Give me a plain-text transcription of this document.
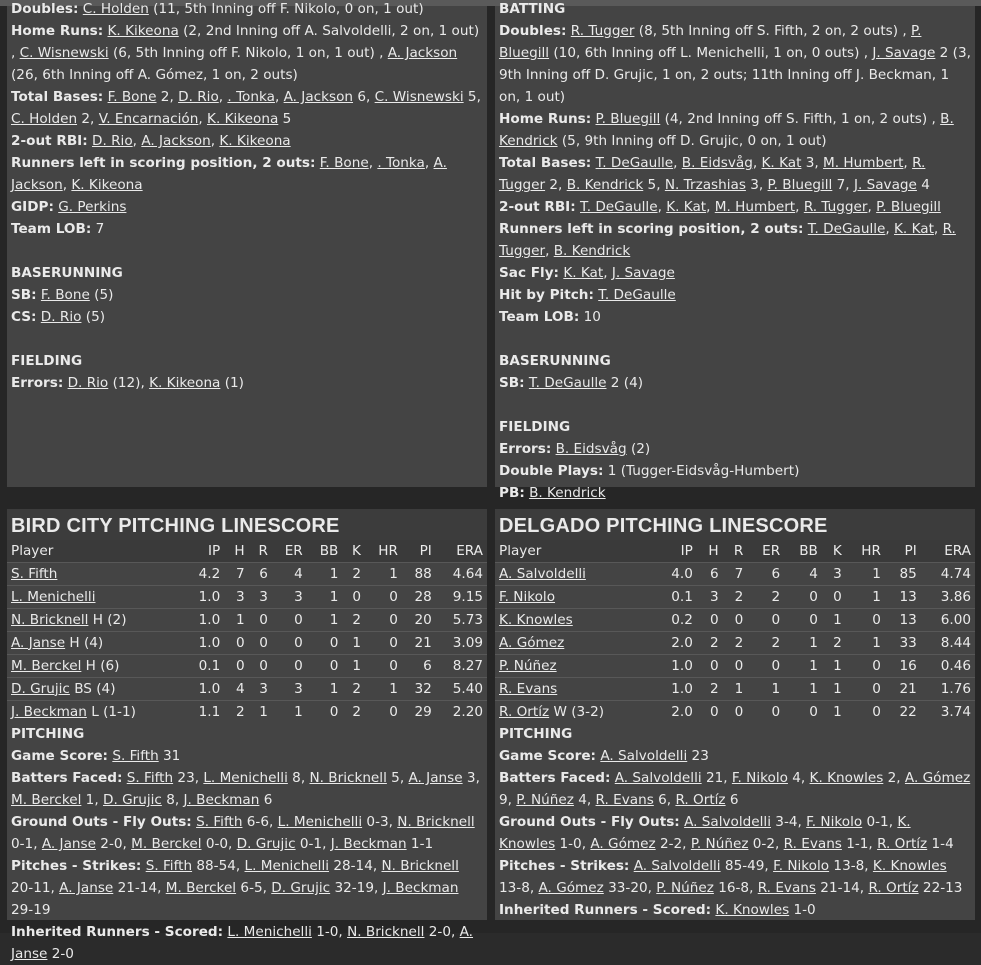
Doubles: C. Holden (11, 5th Inning off F. Nikolo, 0 on, 1 out)
Home Runs: K. Kikeona (2, 2nd Inning off A. Salvoldelli, 2 on, 1 out) , C. Wisnewski (6, 5th Inning off F. Nikolo, 1 on, 1 out) , A. Jackson (26, 6th Inning off A. Gómez, 1 on, 2 outs)
Total Bases: F. Bone 2, D. Rio, . Tonka, A. Jackson 6, C. Wisnewski 5, C. Holden 2, V. Encarnación, K. Kikeona 5
2-out RBI: D. Rio, A. Jackson, K. Kikeona
Runners left in scoring position, 2 outs: F. Bone, . Tonka, A. Jackson, K. Kikeona
GIDP: G. Perkins
Team LOB: 7
BASERUNNING
SB: F. Bone (5)
CS: D. Rio (5)
FIELDING
Errors: D. Rio (12), K. Kikeona (1)
BATTING
Doubles: R. Tugger (8, 5th Inning off S. Fifth, 2 on, 2 outs) , P. Bluegill (10, 6th Inning off L. Menichelli, 1 on, 0 outs) , J. Savage 2 (3, 9th Inning off D. Grujic, 1 on, 2 outs; 11th Inning off J. Beckman, 1 on, 1 out)
Home Runs: P. Bluegill (4, 2nd Inning off S. Fifth, 1 on, 2 outs) , B. Kendrick (5, 9th Inning off D. Grujic, 0 on, 1 out)
Total Bases: T. DeGaulle, B. Eidsvåg, K. Kat 3, M. Humbert, R. Tugger 2, B. Kendrick 5, N. Trzashias 3, P. Bluegill 7, J. Savage 4
2-out RBI: T. DeGaulle, K. Kat, M. Humbert, R. Tugger, P. Bluegill
Runners left in scoring position, 2 outs: T. DeGaulle, K. Kat, R. Tugger, B. Kendrick
Sac Fly: K. Kat, J. Savage
Hit by Pitch: T. DeGaulle
Team LOB: 10
BASERUNNING
SB: T. DeGaulle 2 (4)
FIELDING
Errors: B. Eidsvåg (2)
Double Plays: 1 (Tugger-Eidsvåg-Humbert)
PB: B. Kendrick
BIRD CITY PITCHING LINESCORE
Player	IP	H	R	ER	BB	K	HR	PI	ERA
S. Fifth	4.2	7	6	4	1	2	1	88	4.64
L. Menichelli	1.0	3	3	3	1	0	0	28	9.15
N. Bricknell H (2)	1.0	1	0	0	1	2	0	20	5.73
A. Janse H (4)	1.0	0	0	0	0	1	0	21	3.09
M. Berckel H (6)	0.1	0	0	0	0	1	0	6	8.27
D. Grujic BS (4)	1.0	4	3	3	1	2	1	32	5.40
J. Beckman L (1-1)	1.1	2	1	1	0	2	0	29	2.20
PITCHING
Game Score: S. Fifth 31
Batters Faced: S. Fifth 23, L. Menichelli 8, N. Bricknell 5, A. Janse 3, M. Berckel 1, D. Grujic 8, J. Beckman 6
Ground Outs - Fly Outs: S. Fifth 6-6, L. Menichelli 0-3, N. Bricknell 0-1, A. Janse 2-0, M. Berckel 0-0, D. Grujic 0-1, J. Beckman 1-1
Pitches - Strikes: S. Fifth 88-54, L. Menichelli 28-14, N. Bricknell 20-11, A. Janse 21-14, M. Berckel 6-5, D. Grujic 32-19, J. Beckman 29-19
Inherited Runners - Scored: L. Menichelli 1-0, N. Bricknell 2-0, A. Janse 2-0
DELGADO PITCHING LINESCORE
Player	IP	H	R	ER	BB	K	HR	PI	ERA
A. Salvoldelli	4.0	6	7	6	4	3	1	85	4.74
F. Nikolo	0.1	3	2	2	0	0	1	13	3.86
K. Knowles	0.2	0	0	0	0	1	0	13	6.00
A. Gómez	2.0	2	2	2	1	2	1	33	8.44
P. Núñez	1.0	0	0	0	1	1	0	16	0.46
R. Evans	1.0	2	1	1	1	1	0	21	1.76
R. Ortíz W (3-2)	2.0	0	0	0	0	1	0	22	3.74
PITCHING
Game Score: A. Salvoldelli 23
Batters Faced: A. Salvoldelli 21, F. Nikolo 4, K. Knowles 2, A. Gómez 9, P. Núñez 4, R. Evans 6, R. Ortíz 6
Ground Outs - Fly Outs: A. Salvoldelli 3-4, F. Nikolo 0-1, K. Knowles 1-0, A. Gómez 2-2, P. Núñez 0-2, R. Evans 1-1, R. Ortíz 1-4
Pitches - Strikes: A. Salvoldelli 85-49, F. Nikolo 13-8, K. Knowles 13-8, A. Gómez 33-20, P. Núñez 16-8, R. Evans 21-14, R. Ortíz 22-13
Inherited Runners - Scored: K. Knowles 1-0
